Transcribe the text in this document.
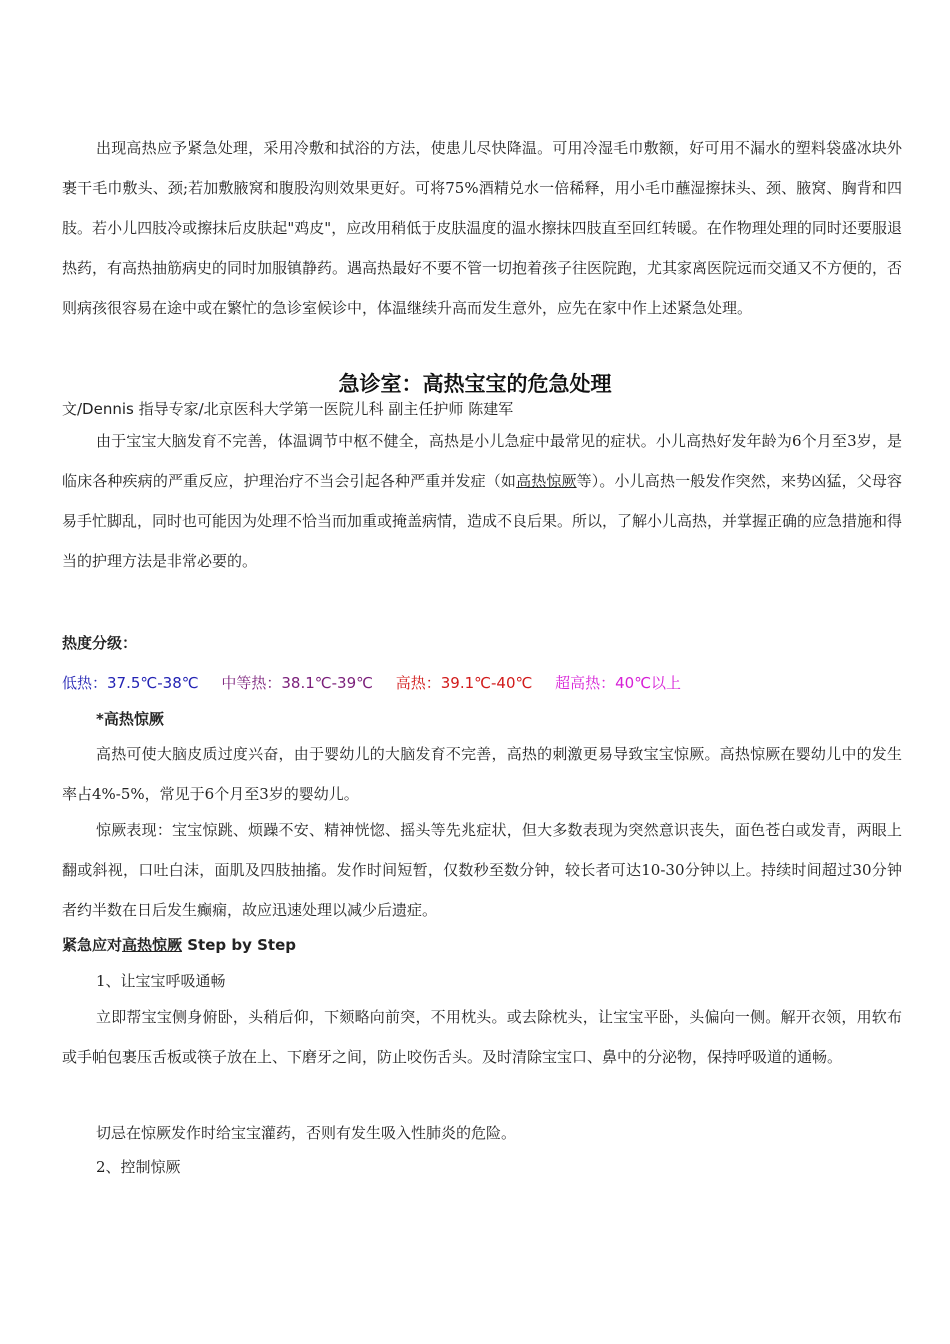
出现高热应予紧急处理，采用冷敷和拭浴的方法，使患儿尽快降温。可用冷湿毛巾敷额，好可用不漏水的塑料袋盛冰块外裹干毛巾敷头、颈;若加敷腋窝和腹股沟则效果更好。可将75%酒精兑水一倍稀释，用小毛巾蘸湿擦抹头、颈、腋窝、胸背和四肢。若小儿四肢冷或擦抹后皮肤起"鸡皮"，应改用稍低于皮肤温度的温水擦抹四肢直至回红转暖。在作物理处理的同时还要服退热药，有高热抽筋病史的同时加服镇静药。遇高热最好不要不管一切抱着孩子往医院跑，尤其家离医院远而交通又不方便的，否则病孩很容易在途中或在繁忙的急诊室候诊中，体温继续升高而发生意外，应先在家中作上述紧急处理。

急诊室：高热宝宝的危急处理

文/Dennis 指导专家/北京医科大学第一医院儿科 副主任护师 陈建军

由于宝宝大脑发育不完善，体温调节中枢不健全，高热是小儿急症中最常见的症状。小儿高热好发年龄为6个月至3岁，是临床各种疾病的严重反应，护理治疗不当会引起各种严重并发症（如高热惊厥等）。小儿高热一般发作突然，来势凶猛，父母容易手忙脚乱，同时也可能因为处理不恰当而加重或掩盖病情，造成不良后果。所以，了解小儿高热，并掌握正确的应急措施和得当的护理方法是非常必要的。

热度分级：

低热：37.5℃-38℃ 中等热：38.1℃-39℃ 高热：39.1℃-40℃ 超高热：40℃以上

*高热惊厥

高热可使大脑皮质过度兴奋，由于婴幼儿的大脑发育不完善，高热的刺激更易导致宝宝惊厥。高热惊厥在婴幼儿中的发生率占4%-5%，常见于6个月至3岁的婴幼儿。

惊厥表现：宝宝惊跳、烦躁不安、精神恍惚、摇头等先兆症状，但大多数表现为突然意识丧失，面色苍白或发青，两眼上翻或斜视，口吐白沫，面肌及四肢抽搐。发作时间短暂，仅数秒至数分钟，较长者可达10-30分钟以上。持续时间超过30分钟者约半数在日后发生癫痫，故应迅速处理以减少后遗症。

紧急应对高热惊厥 Step by Step

1、让宝宝呼吸通畅

立即帮宝宝侧身俯卧，头稍后仰，下颏略向前突，不用枕头。或去除枕头，让宝宝平卧，头偏向一侧。解开衣领，用软布或手帕包裹压舌板或筷子放在上、下磨牙之间，防止咬伤舌头。及时清除宝宝口、鼻中的分泌物，保持呼吸道的通畅。

切忌在惊厥发作时给宝宝灌药，否则有发生吸入性肺炎的危险。

2、控制惊厥
